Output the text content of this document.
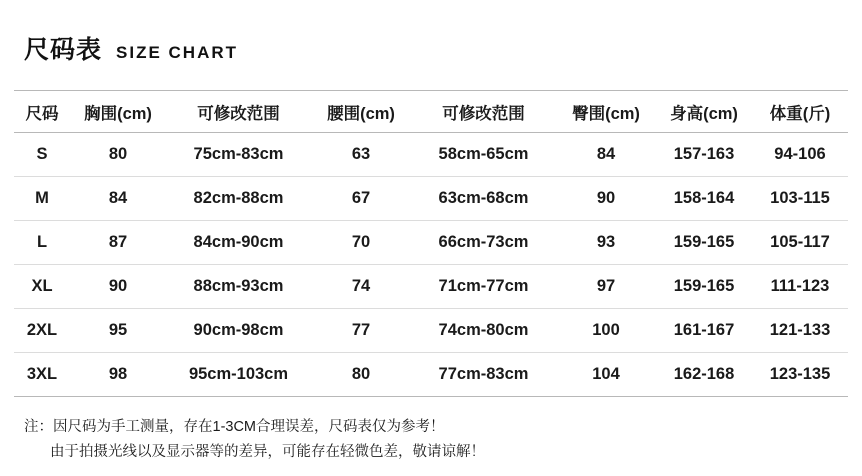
尺码表 SIZE CHART
尺码	胸围(cm)	可修改范围	腰围(cm)	可修改范围	臀围(cm)	身高(cm)	体重(斤)
S	80	75cm-83cm	63	58cm-65cm	84	157-163	94-106
M	84	82cm-88cm	67	63cm-68cm	90	158-164	103-115
L	87	84cm-90cm	70	66cm-73cm	93	159-165	105-117
XL	90	88cm-93cm	74	71cm-77cm	97	159-165	111-123
2XL	95	90cm-98cm	77	74cm-80cm	100	161-167	121-133
3XL	98	95cm-103cm	80	77cm-83cm	104	162-168	123-135
注：因尺码为手工测量，存在1-3CM合理误差，尺码表仅为参考！
由于拍摄光线以及显示器等的差异，可能存在轻微色差，敬请谅解！
